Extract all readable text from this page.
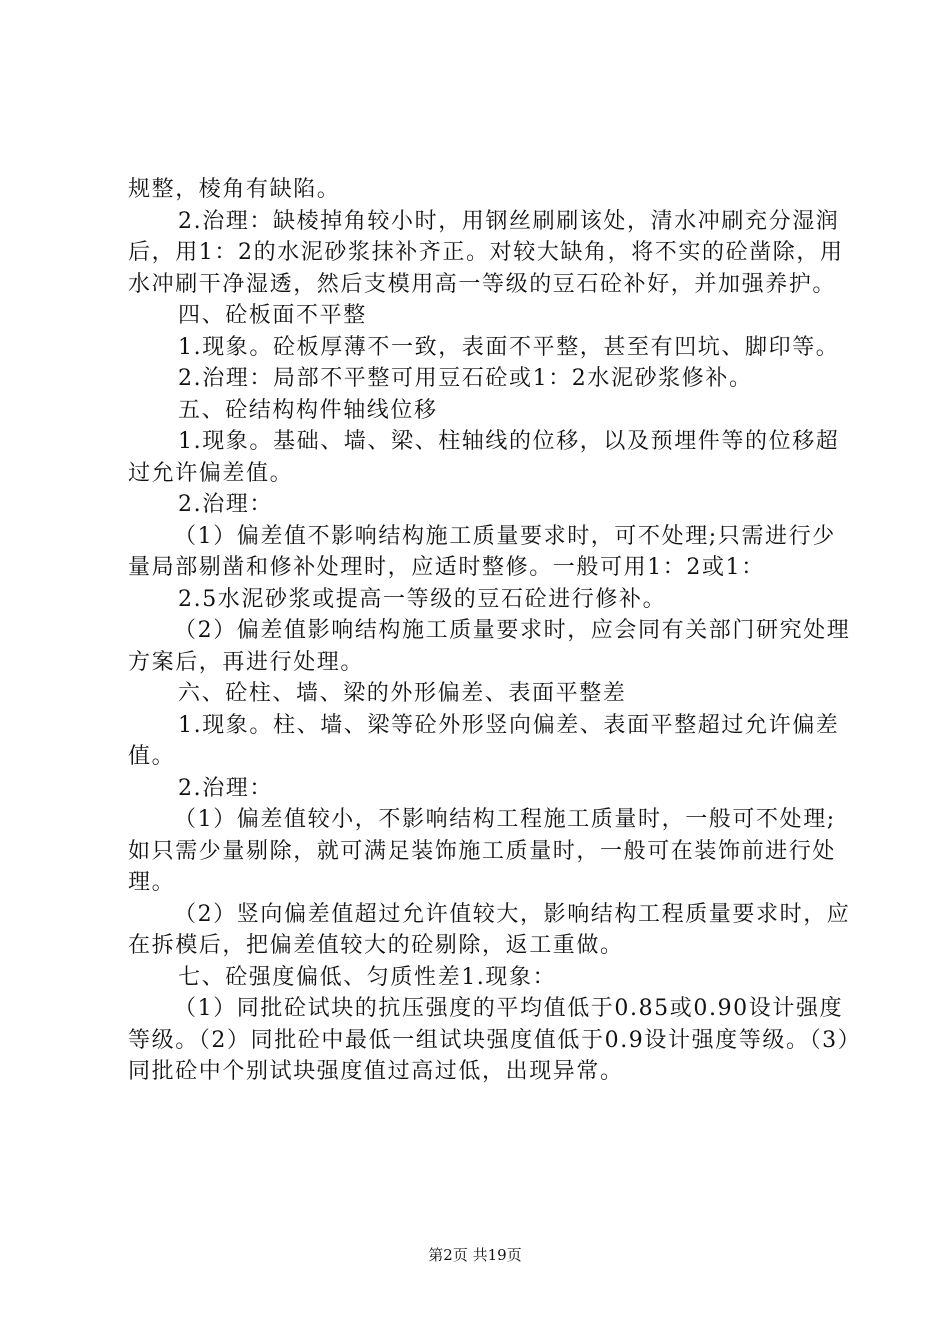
规整，棱角有缺陷。

2.治理：缺棱掉角较小时，用钢丝刷刷该处，清水冲刷充分湿润后，用1：2的水泥砂浆抹补齐正。对较大缺角，将不实的砼凿除，用水冲刷干净湿透，然后支模用高一等级的豆石砼补好，并加强养护。

四、砼板面不平整

1.现象。砼板厚薄不一致，表面不平整，甚至有凹坑、脚印等。

2.治理：局部不平整可用豆石砼或1：2水泥砂浆修补。

五、砼结构构件轴线位移

1.现象。基础、墙、梁、柱轴线的位移，以及预埋件等的位移超过允许偏差值。

2.治理：

（1）偏差值不影响结构施工质量要求时，可不处理;只需进行少量局部剔凿和修补处理时，应适时整修。一般可用1：2或1：

2.5水泥砂浆或提高一等级的豆石砼进行修补。

（2）偏差值影响结构施工质量要求时，应会同有关部门研究处理方案后，再进行处理。

六、砼柱、墙、梁的外形偏差、表面平整差

1.现象。柱、墙、梁等砼外形竖向偏差、表面平整超过允许偏差值。

2.治理：

（1）偏差值较小，不影响结构工程施工质量时，一般可不处理;如只需少量剔除，就可满足装饰施工质量时，一般可在装饰前进行处理。

（2）竖向偏差值超过允许值较大，影响结构工程质量要求时，应在拆模后，把偏差值较大的砼剔除，返工重做。

七、砼强度偏低、匀质性差1.现象：

（1）同批砼试块的抗压强度的平均值低于0.85或0.90设计强度等级。（2）同批砼中最低一组试块强度值低于0.9设计强度等级。（3）同批砼中个别试块强度值过高过低，出现异常。

第2页 共19页
